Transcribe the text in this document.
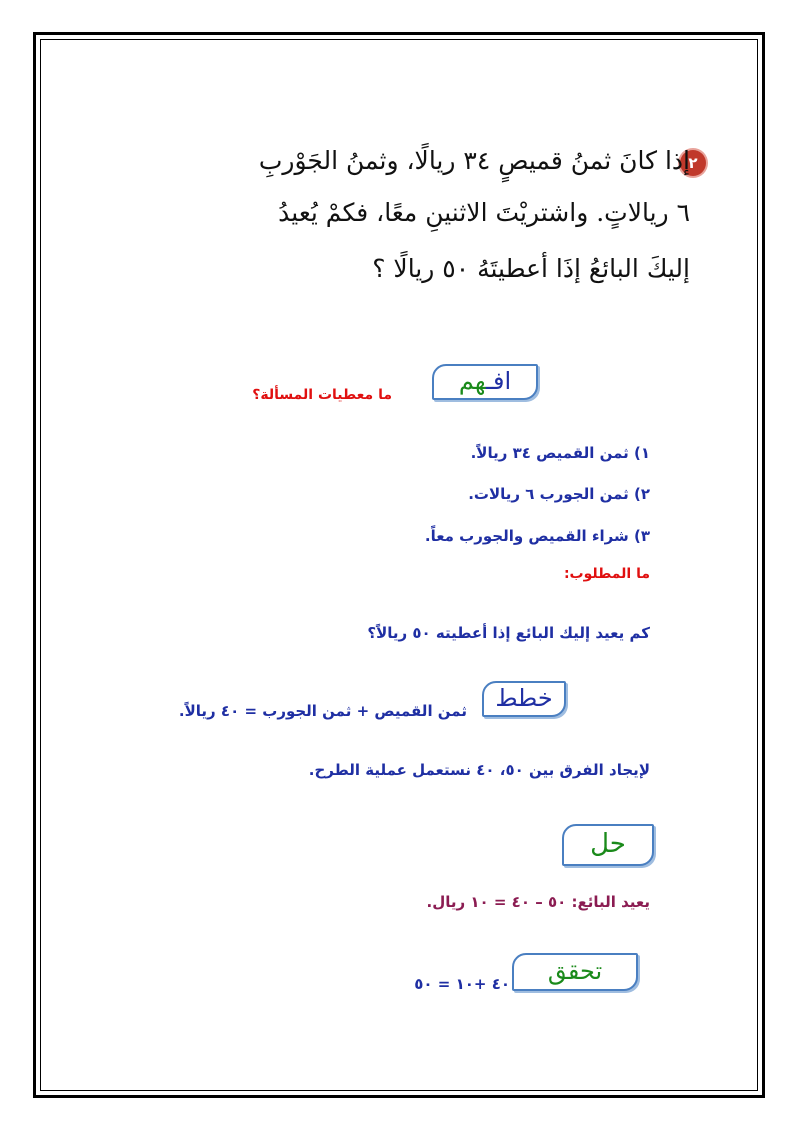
٢
إذا كانَ ثمنُ قميصٍ ٣٤ ريالًا، وثمنُ الجَوْربِ
٦ ريالاتٍ. واشتريْتَ الاثنينِ معًا، فكمْ يُعيدُ
إليكَ البائعُ إذَا أعطيتَهُ ٥٠ ريالًا ؟
افـهم
ما معطيات المسألة؟
١) ثمن القميص ٣٤ ريالاً.
٢) ثمن الجورب ٦ ريالات.
٣) شراء القميص والجورب معاً.
ما المطلوب:
كم يعيد إليك البائع إذا أعطيته ٥٠ ريالاً؟
خطط
ثمن القميص + ثمن الجورب = ٤٠ ريالاً.
لإيجاد الفرق بين ٥٠، ٤٠ نستعمل عملية الطرح.
حل
يعيد البائع: ٥٠ – ٤٠ = ١٠ ريال.
تحقق
٤٠ +١٠ = ٥٠
